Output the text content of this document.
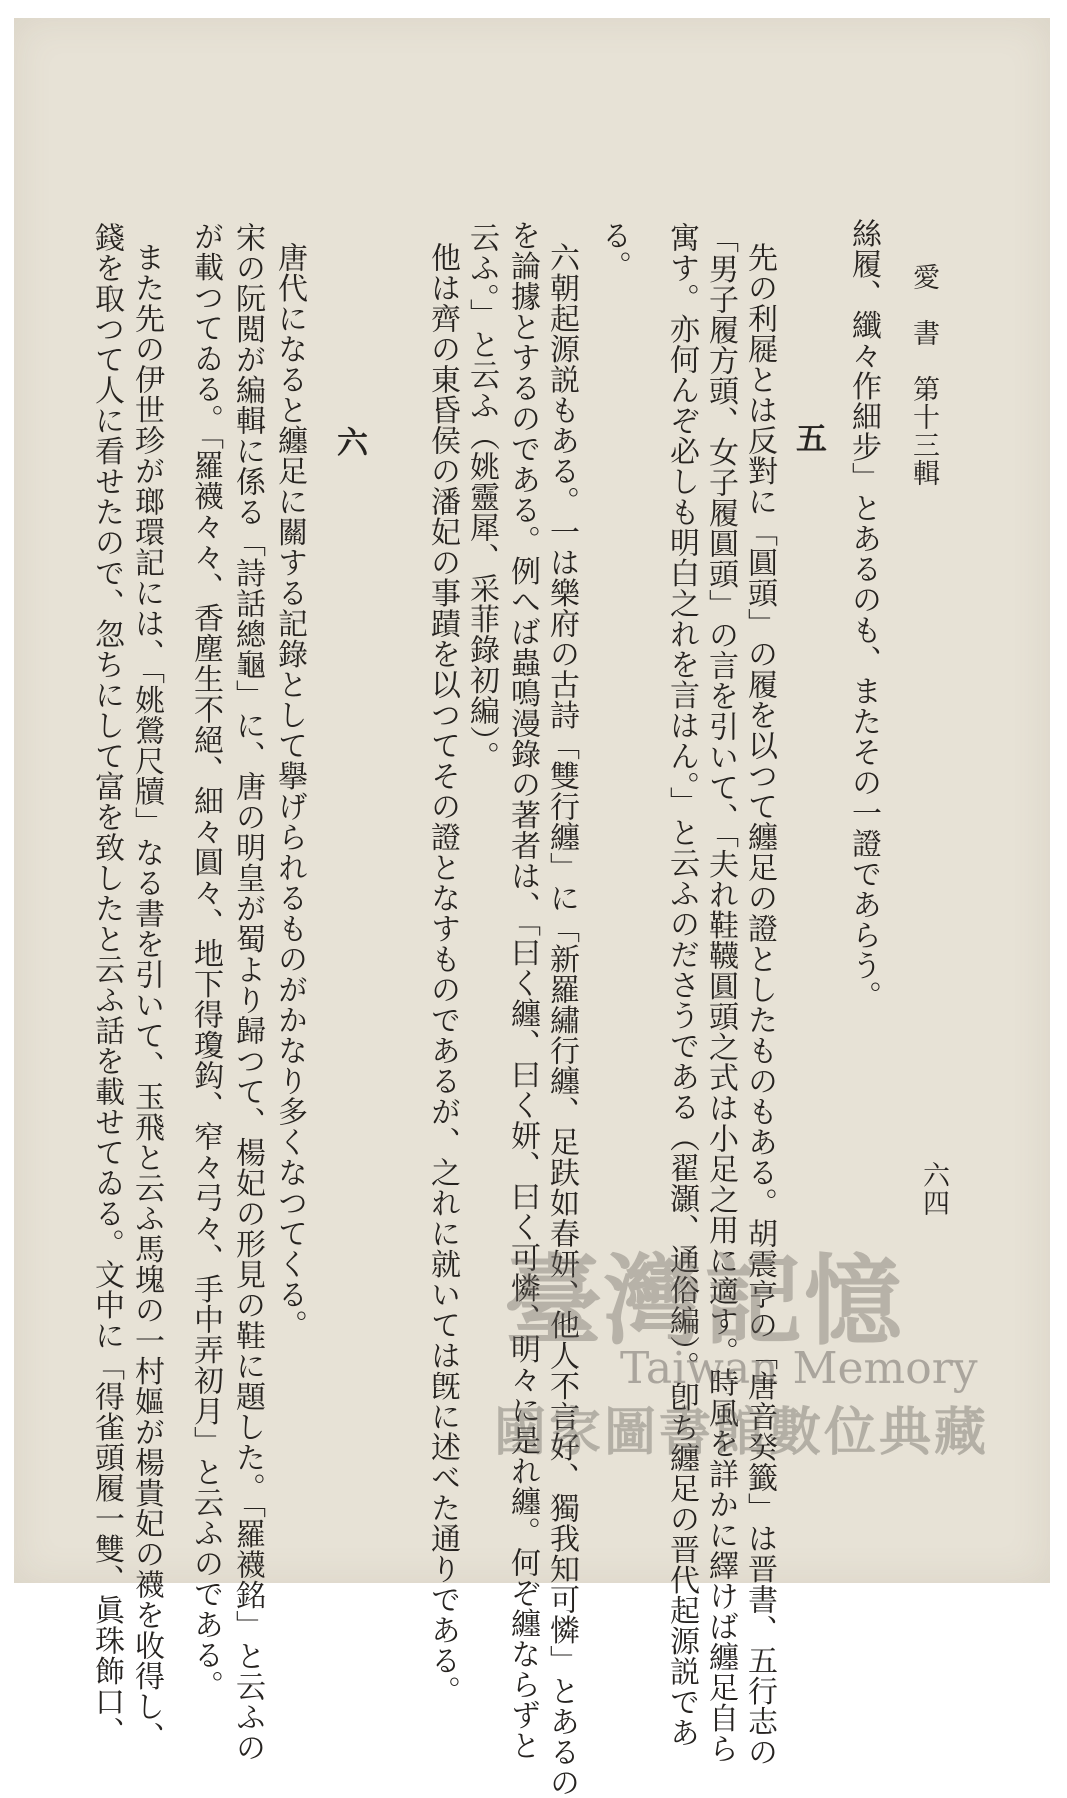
愛　書　第十三輯
六四
絲履、纖々作細步」とあるのも、またその一證であらう。
五
先の利屣とは反對に「圓頭」の履を以つて纏足の證としたものもある。胡震亨の「唐音癸籤」は晋書、五行志の
「男子履方頭、女子履圓頭」の言を引いて、「夫れ鞋韈圓頭之式は小足之用に適す。時風を詳かに繹けば纏足自ら
寓す。亦何んぞ必しも明白之れを言はん。」と云ふのださうである（翟灝、通俗編）。卽ち纏足の晋代起源説であ
る。
六朝起源説もある。一は樂府の古詩「雙行纏」に「新羅繡行纏、足趺如春妍、他人不言好、獨我知可憐」とあるの
を論據とするのである。例へば蟲鳴漫錄の著者は、「曰く纏、曰く妍、曰く可憐、明々に是れ纏。何ぞ纏ならずと
云ふ。」と云ふ（姚靈犀、采菲錄初編）。
他は齊の東昏侯の潘妃の事蹟を以つてその證となすものであるが、之れに就いては旣に述べた通りである。
六
唐代になると纏足に關する記錄として擧げられるものがかなり多くなつてくる。
宋の阮閲が編輯に係る「詩話總龜」に、唐の明皇が蜀より歸つて、楊妃の形見の鞋に題した。「羅襪銘」と云ふの
が載つてゐる。「羅襪々々、香塵生不絕、細々圓々、地下得瓊鈎、窄々弓々、手中弄初月」と云ふのである。
また先の伊世珍が瑯環記には、「姚鶯尺牘」なる書を引いて、玉飛と云ふ馬塊の一村嫗が楊貴妃の襪を收得し、
錢を取つて人に看せたので、忽ちにして富を致したと云ふ話を載せてゐる。文中に「得雀頭履一雙、眞珠飾口、	臺灣記憶
Taiwan Memory
國家圖書館數位典藏
